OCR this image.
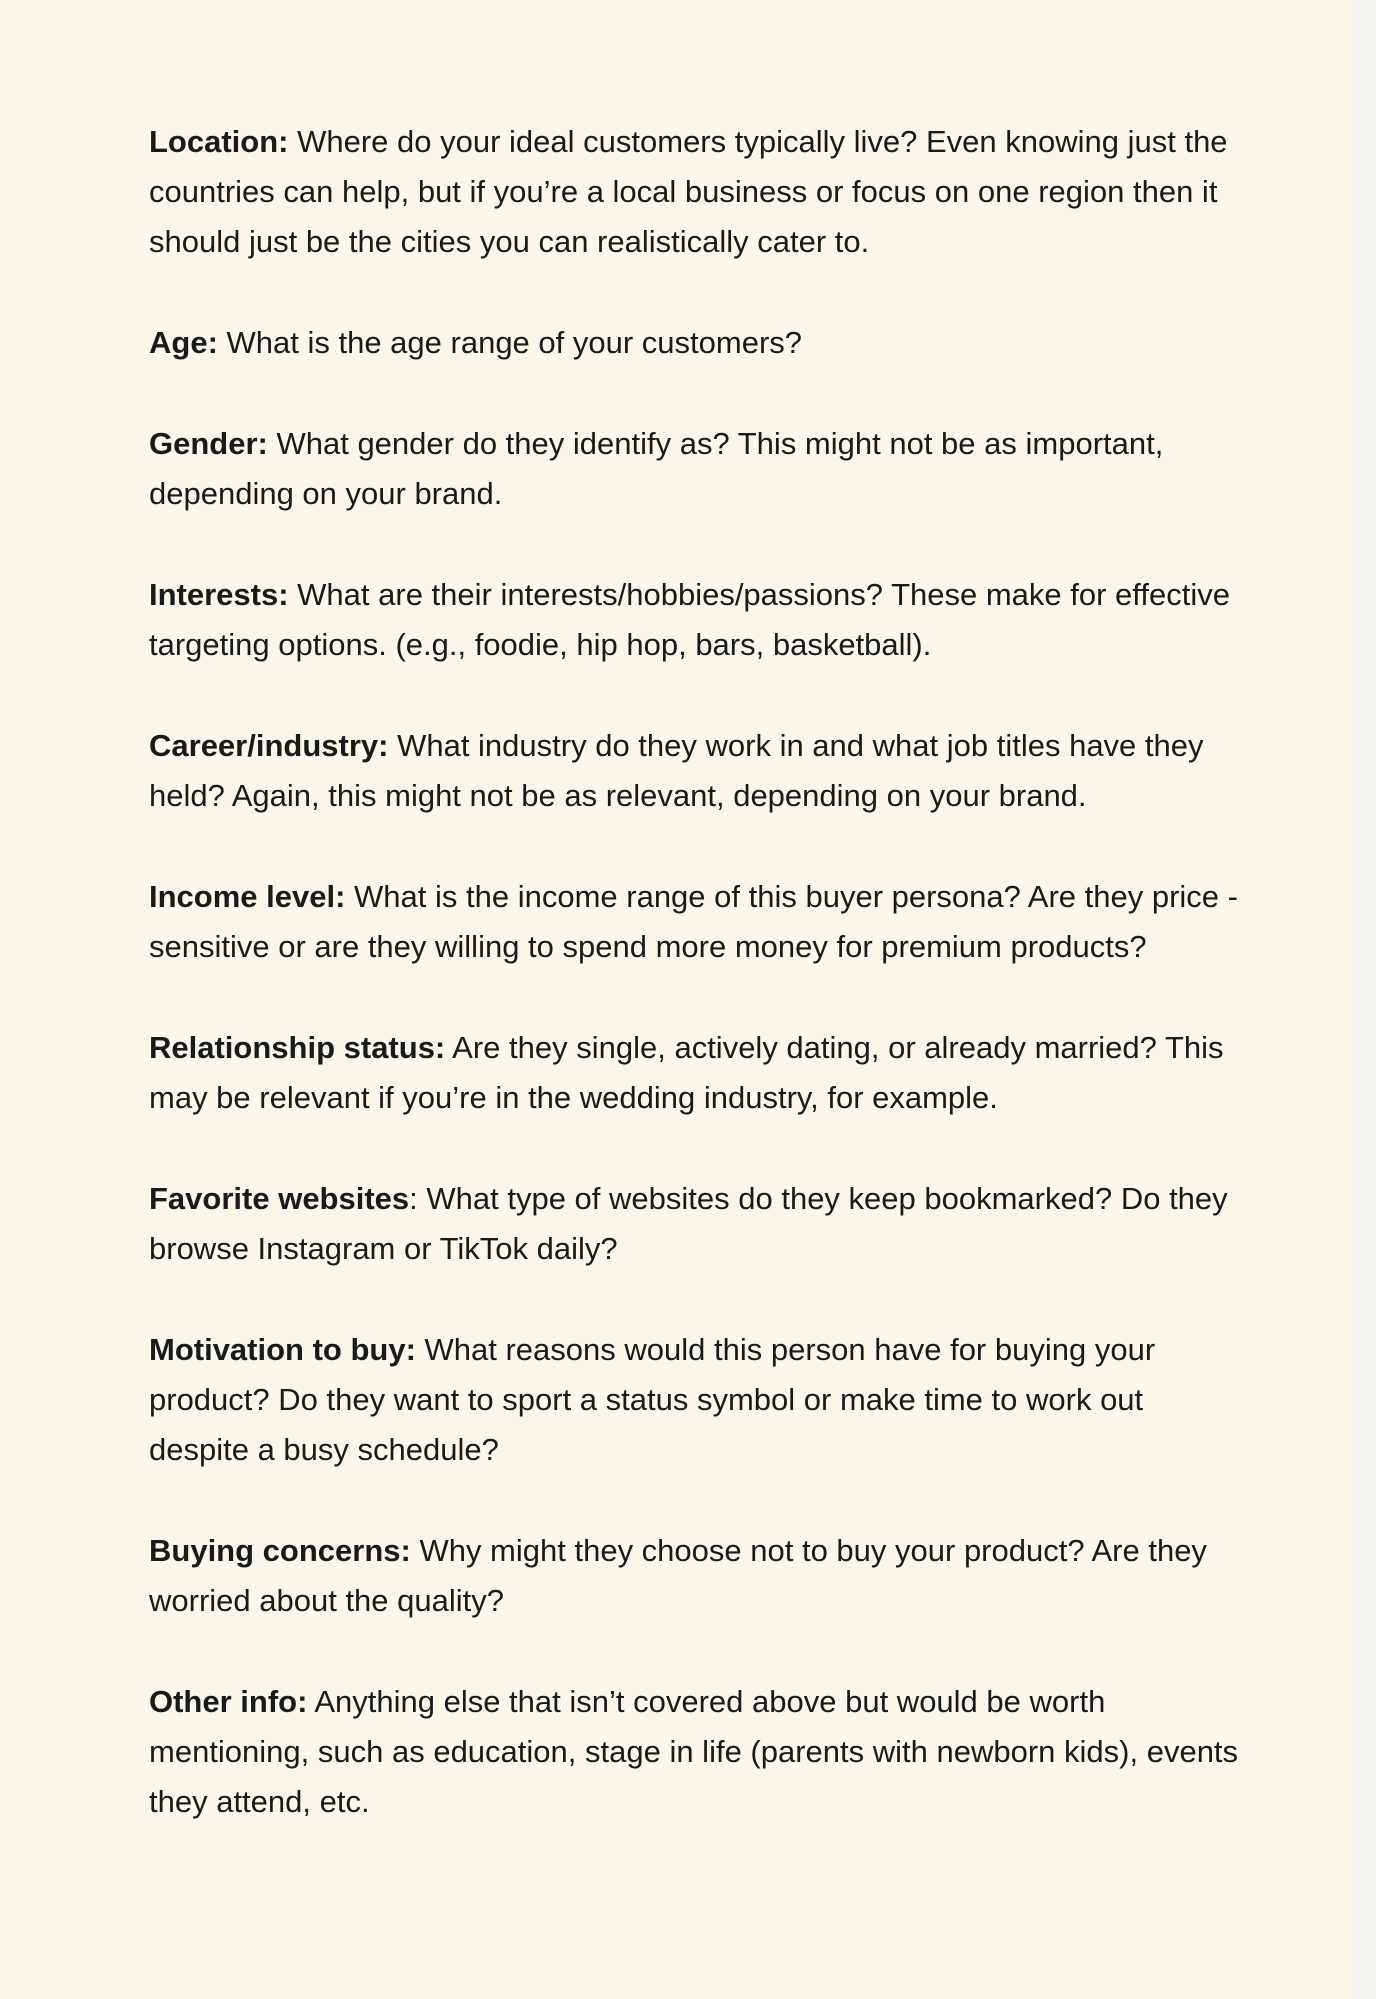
Location: Where do your ideal customers typically live? Even knowing just the countries can help, but if you’re a local business or focus on one region then it should just be the cities you can realistically cater to.

Age: What is the age range of your customers?

Gender: What gender do they identify as? This might not be as important, depending on your brand.

Interests: What are their interests/hobbies/passions? These make for effective targeting options. (e.g., foodie, hip hop, bars, basketball).

Career/industry: What industry do they work in and what job titles have they held? Again, this might not be as relevant, depending on your brand.

Income level: What is the income range of this buyer persona? Are they price -sensitive or are they willing to spend more money for premium products?

Relationship status: Are they single, actively dating, or already married? This may be relevant if you’re in the wedding industry, for example.

Favorite websites: What type of websites do they keep bookmarked? Do they browse Instagram or TikTok daily?

Motivation to buy: What reasons would this person have for buying your product? Do they want to sport a status symbol or make time to work out despite a busy schedule?

Buying concerns: Why might they choose not to buy your product? Are they worried about the quality?

Other info: Anything else that isn’t covered above but would be worth mentioning, such as education, stage in life (parents with newborn kids), events they attend, etc.
